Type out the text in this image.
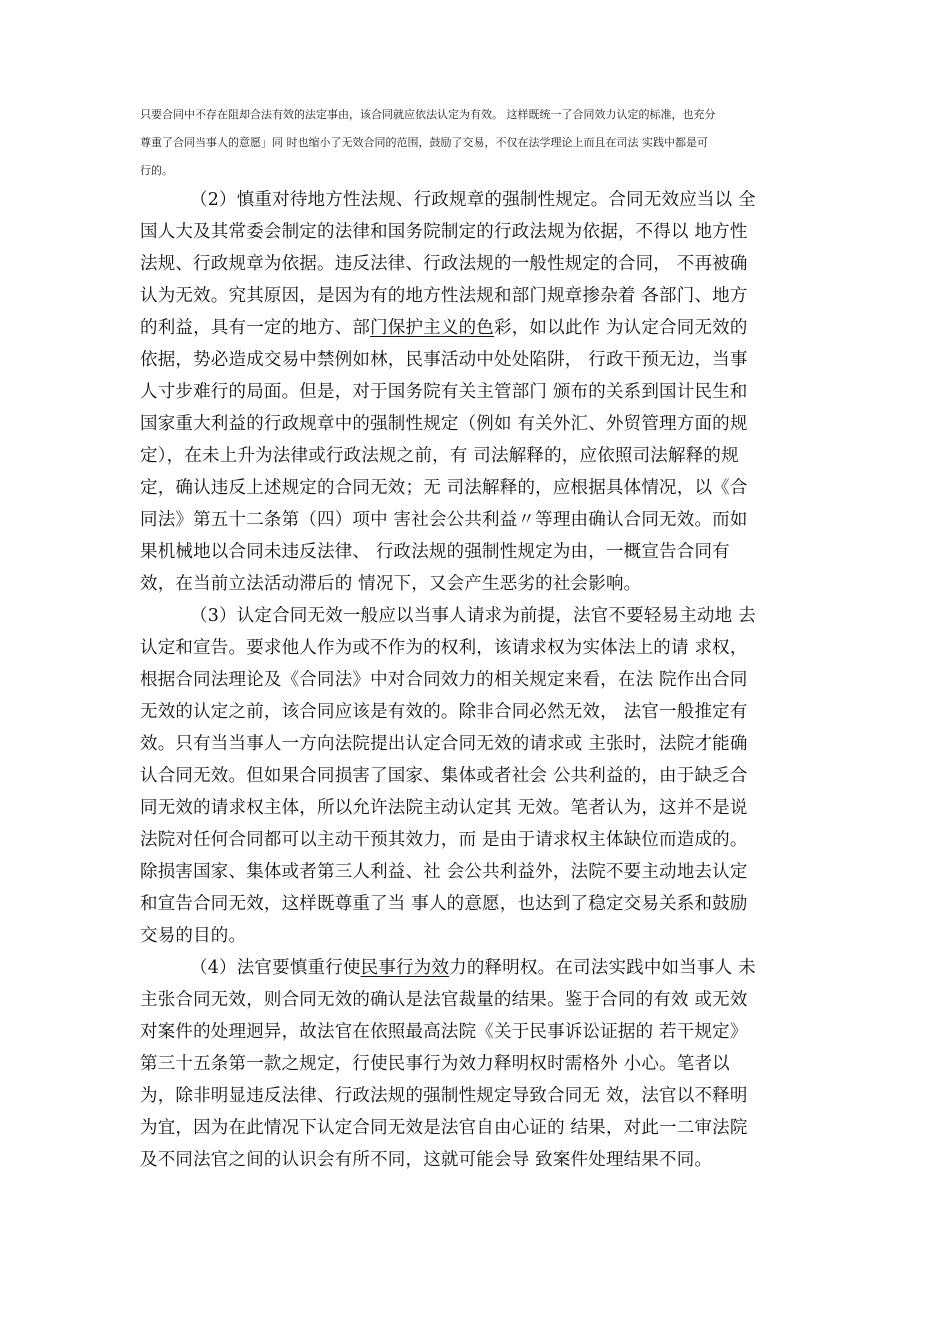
只要合同中不存在阻却合法有效的法定事由，该合同就应依法认定为有效。 这样既统一了合同效力认定的标准，也充分
尊重了合同当事人的意愿」同 时也缩小了无效合同的范围，鼓励了交易，不仅在法学理论上而且在司法 实践中都是可
行的。
（2）慎重对待地方性法规、行政规章的强制性规定。合同无效应当以 全
国人大及其常委会制定的法律和国务院制定的行政法规为依据，不得以 地方性
法规、行政规章为依据。违反法律、行政法规的一般性规定的合同， 不再被确
认为无效。究其原因，是因为有的地方性法规和部门规章掺杂着 各部门、地方
的利益，具有一定的地方、部门保护主义的色彩，如以此作 为认定合同无效的
依据，势必造成交易中禁例如林，民事活动中处处陷阱， 行政干预无边，当事
人寸步难行的局面。但是，对于国务院有关主管部门 颁布的关系到国计民生和
国家重大利益的行政规章中的强制性规定（例如 有关外汇、外贸管理方面的规
定），在未上升为法律或行政法规之前，有 司法解释的，应依照司法解释的规
定，确认违反上述规定的合同无效；无 司法解释的，应根据具体情况，以《合
同法》第五十二条第（四）项中 害社会公共利益〃等理由确认合同无效。而如
果机械地以合同未违反法律、 行政法规的强制性规定为由，一概宣告合同有
效，在当前立法活动滞后的 情况下，又会产生恶劣的社会影响。
（3）认定合同无效一般应以当事人请求为前提，法官不要轻易主动地 去
认定和宣告。要求他人作为或不作为的权利，该请求权为实体法上的请 求权，
根据合同法理论及《合同法》中对合同效力的相关规定来看，在法 院作出合同
无效的认定之前，该合同应该是有效的。除非合同必然无效， 法官一般推定有
效。只有当当事人一方向法院提出认定合同无效的请求或 主张时，法院才能确
认合同无效。但如果合同损害了国家、集体或者社会 公共利益的，由于缺乏合
同无效的请求权主体，所以允许法院主动认定其 无效。笔者认为，这并不是说
法院对任何合同都可以主动干预其效力，而 是由于请求权主体缺位而造成的。
除损害国家、集体或者第三人利益、社 会公共利益外，法院不要主动地去认定
和宣告合同无效，这样既尊重了当 事人的意愿，也达到了稳定交易关系和鼓励
交易的目的。
（4）法官要慎重行使民事行为效力的释明权。在司法实践中如当事人 未
主张合同无效，则合同无效的确认是法官裁量的结果。鉴于合同的有效 或无效
对案件的处理迥异，故法官在依照最高法院《关于民事诉讼证据的 若干规定》
第三十五条第一款之规定，行使民事行为效力释明权时需格外 小心。笔者以
为，除非明显违反法律、行政法规的强制性规定导致合同无 效，法官以不释明
为宜，因为在此情况下认定合同无效是法官自由心证的 结果，对此一二审法院
及不同法官之间的认识会有所不同，这就可能会导 致案件处理结果不同。
